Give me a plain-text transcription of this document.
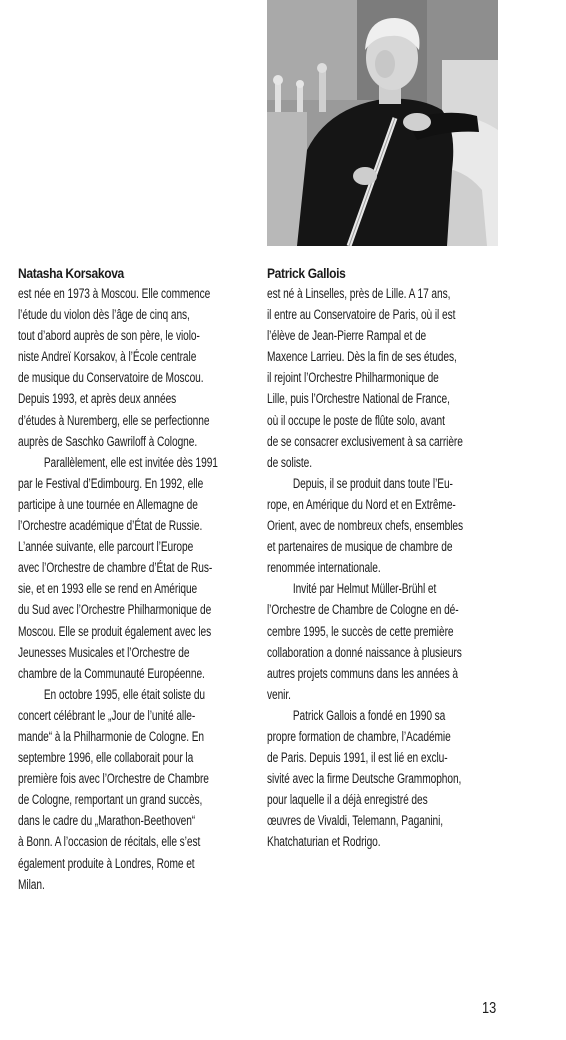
Natasha Korsakova
est née en 1973 à Moscou. Elle commence
l’étude du violon dès l’âge de cinq ans,
tout d’abord auprès de son père, le violo-
niste Andreï Korsakov, à l’École centrale
de musique du Conservatoire de Moscou.
Depuis 1993, et après deux années
d’études à Nuremberg, elle se perfectionne
auprès de Saschko Gawriloff à Cologne.
Parallèlement, elle est invitée dès 1991
par le Festival d’Edimbourg. En 1992, elle
participe à une tournée en Allemagne de
l’Orchestre académique d’État de Russie.
L’année suivante, elle parcourt l’Europe
avec l’Orchestre de chambre d’État de Rus-
sie, et en 1993 elle se rend en Amérique
du Sud avec l’Orchestre Philharmonique de
Moscou. Elle se produit également avec les
Jeunesses Musicales et l’Orchestre de
chambre de la Communauté Européenne.
En octobre 1995, elle était soliste du
concert célébrant le „Jour de l’unité alle-
mande“ à la Philharmonie de Cologne. En
septembre 1996, elle collaborait pour la
première fois avec l’Orchestre de Chambre
de Cologne, remportant un grand succès,
dans le cadre du „Marathon-Beethoven“
à Bonn. A l’occasion de récitals, elle s’est
également produite à Londres, Rome et
Milan.
Patrick Gallois
est né à Linselles, près de Lille. A 17 ans,
il entre au Conservatoire de Paris, où il est
l’élève de Jean-Pierre Rampal et de
Maxence Larrieu. Dès la fin de ses études,
il rejoint l’Orchestre Philharmonique de
Lille, puis l’Orchestre National de France,
où il occupe le poste de flûte solo, avant
de se consacrer exclusivement à sa carrière
de soliste.
Depuis, il se produit dans toute l’Eu-
rope, en Amérique du Nord et en Extrême-
Orient, avec de nombreux chefs, ensembles
et partenaires de musique de chambre de
renommée internationale.
Invité par Helmut Müller-Brühl et
l’Orchestre de Chambre de Cologne en dé-
cembre 1995, le succès de cette première
collaboration a donné naissance à plusieurs
autres projets communs dans les années à
venir.
Patrick Gallois a fondé en 1990 sa
propre formation de chambre, l’Académie
de Paris. Depuis 1991, il est lié en exclu-
sivité avec la firme Deutsche Grammophon,
pour laquelle il a déjà enregistré des
œuvres de Vivaldi, Telemann, Paganini,
Khatchaturian et Rodrigo.
13
